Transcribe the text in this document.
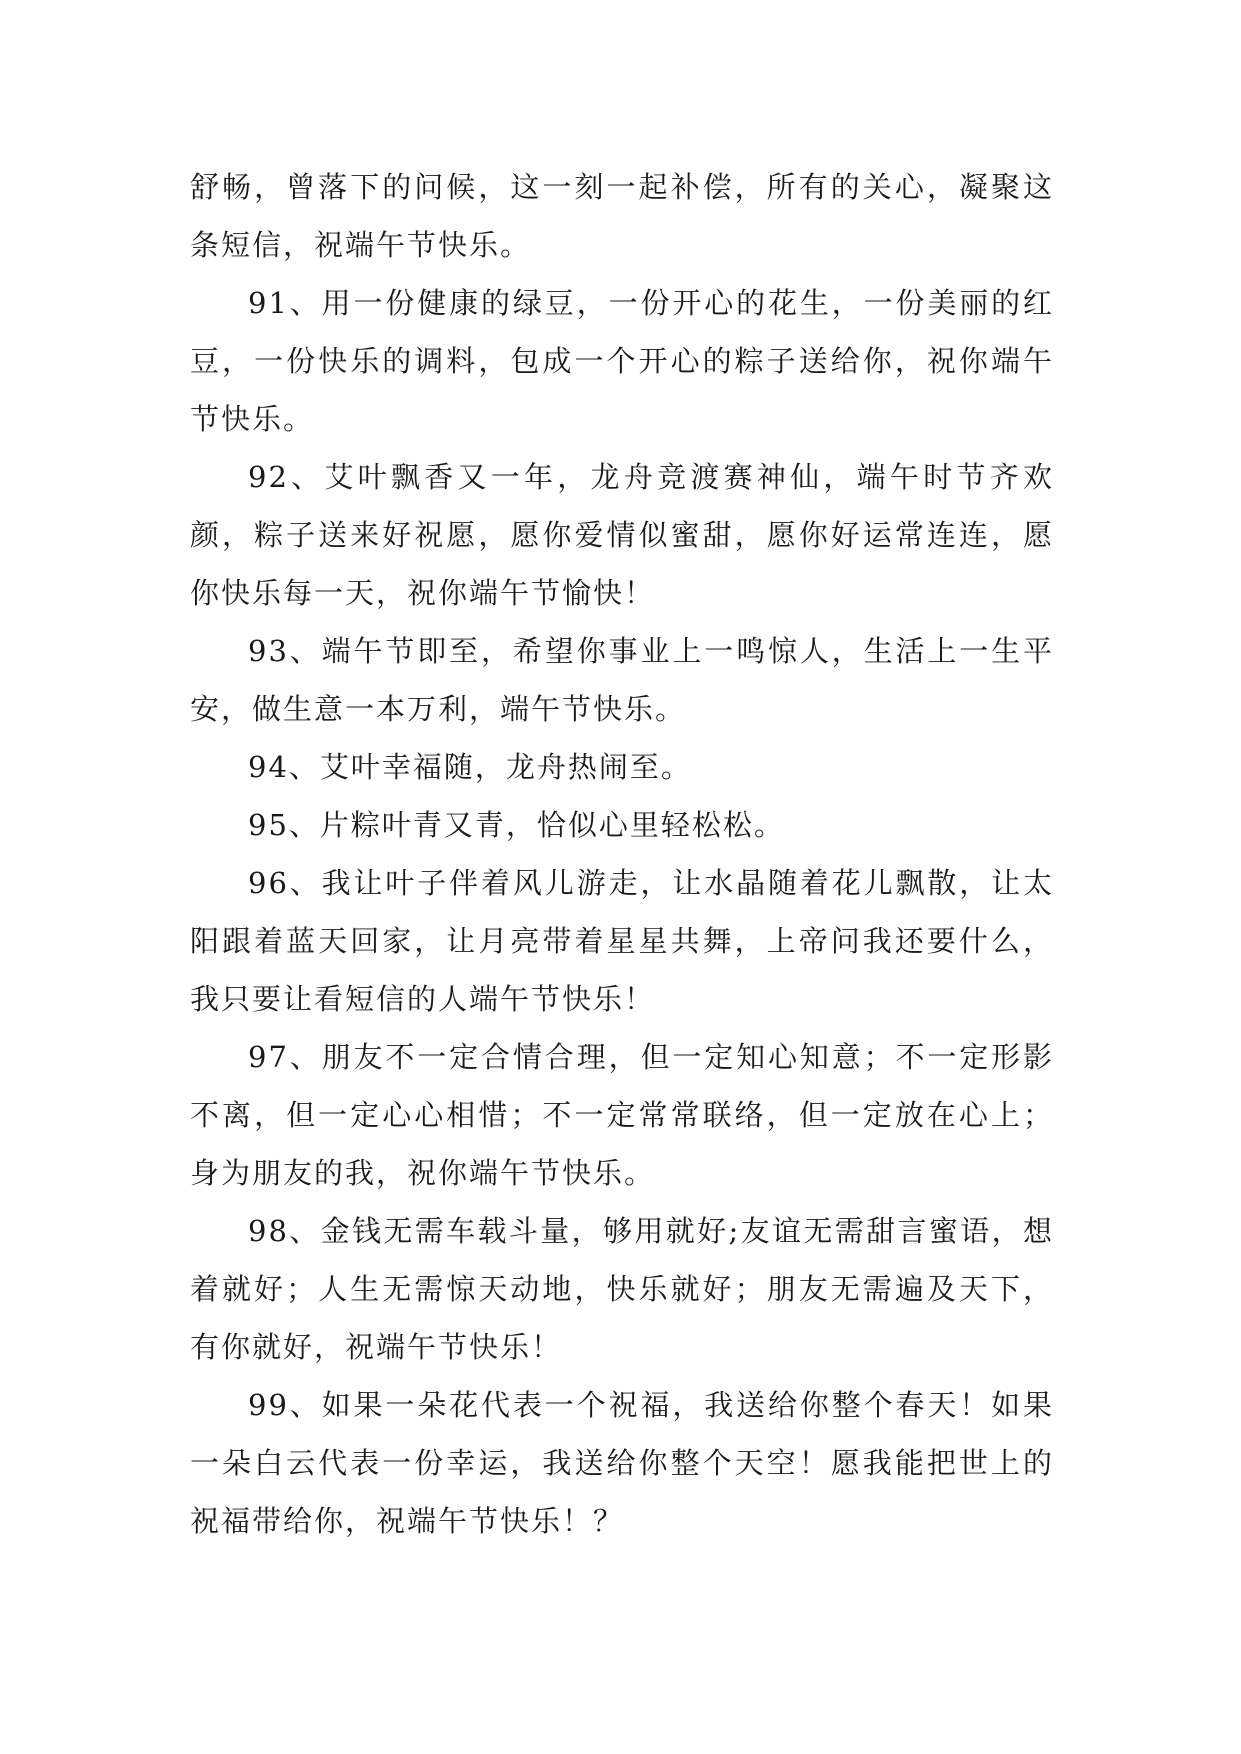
舒畅，曾落下的问候，这一刻一起补偿，所有的关心，凝聚这条短信，祝端午节快乐。

91、用一份健康的绿豆，一份开心的花生，一份美丽的红豆，一份快乐的调料，包成一个开心的粽子送给你，祝你端午节快乐。

92、艾叶飘香又一年，龙舟竞渡赛神仙，端午时节齐欢颜，粽子送来好祝愿，愿你爱情似蜜甜，愿你好运常连连，愿你快乐每一天，祝你端午节愉快！

93、端午节即至，希望你事业上一鸣惊人，生活上一生平安，做生意一本万利，端午节快乐。

94、艾叶幸福随，龙舟热闹至。

95、片粽叶青又青，恰似心里轻松松。

96、我让叶子伴着风儿游走，让水晶随着花儿飘散，让太阳跟着蓝天回家，让月亮带着星星共舞，上帝问我还要什么，我只要让看短信的人端午节快乐！

97、朋友不一定合情合理，但一定知心知意；不一定形影不离，但一定心心相惜；不一定常常联络，但一定放在心上；身为朋友的我，祝你端午节快乐。

98、金钱无需车载斗量，够用就好;友谊无需甜言蜜语，想着就好；人生无需惊天动地，快乐就好；朋友无需遍及天下，有你就好，祝端午节快乐！

99、如果一朵花代表一个祝福，我送给你整个春天！如果一朵白云代表一份幸运，我送给你整个天空！愿我能把世上的祝福带给你，祝端午节快乐！？
